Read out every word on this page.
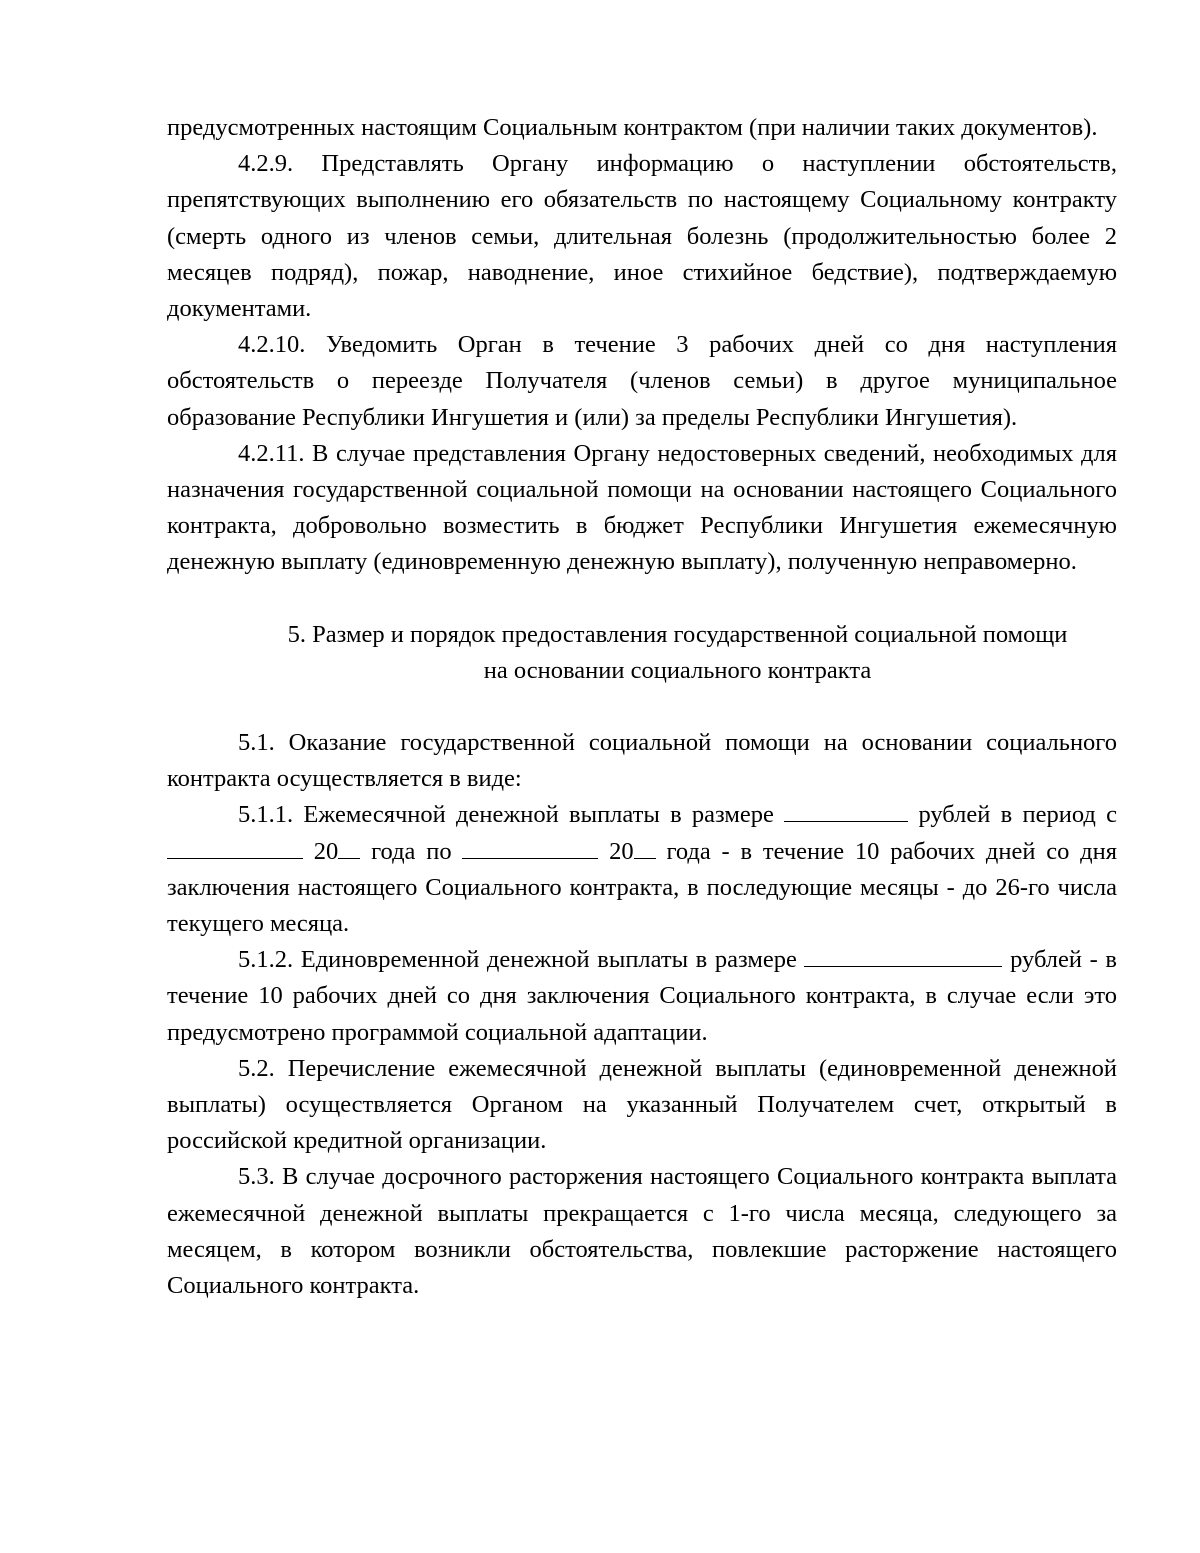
предусмотренных настоящим Социальным контрактом (при наличии таких документов).

4.2.9. Представлять Органу информацию о наступлении обстоятельств, препятствующих выполнению его обязательств по настоящему Социальному контракту (смерть одного из членов семьи, длительная болезнь (продолжительностью более 2 месяцев подряд), пожар, наводнение, иное стихийное бедствие), подтверждаемую документами.

4.2.10. Уведомить Орган в течение 3 рабочих дней со дня наступления обстоятельств о переезде Получателя (членов семьи) в другое муниципальное образование Республики Ингушетия и (или) за пределы Республики Ингушетия).

4.2.11. В случае представления Органу недостоверных сведений, необходимых для назначения государственной социальной помощи на основании настоящего Социального контракта, добровольно возместить в бюджет Республики Ингушетия ежемесячную денежную выплату (единовременную денежную выплату), полученную неправомерно.

5. Размер и порядок предоставления государственной социальной помощи

на основании социального контракта

5.1. Оказание государственной социальной помощи на основании социального контракта осуществляется в виде:

5.1.1. Ежемесячной денежной выплаты в размере	рублей в период с  20 года по	20 года - в течение 10 рабочих дней со дня заключения настоящего Социального контракта, в последующие месяцы - до 26-го числа текущего месяца.

5.1.2. Единовременной денежной выплаты в размере	рублей - в течение 10 рабочих дней со дня заключения Социального контракта, в случае если это предусмотрено программой социальной адаптации.

5.2. Перечисление ежемесячной денежной выплаты (единовременной денежной выплаты) осуществляется Органом на указанный Получателем счет, открытый в российской кредитной организации.

5.3. В случае досрочного расторжения настоящего Социального контракта выплата ежемесячной денежной выплаты прекращается с 1-го числа месяца, следующего за месяцем, в котором возникли обстоятельства, повлекшие расторжение настоящего Социального контракта.
